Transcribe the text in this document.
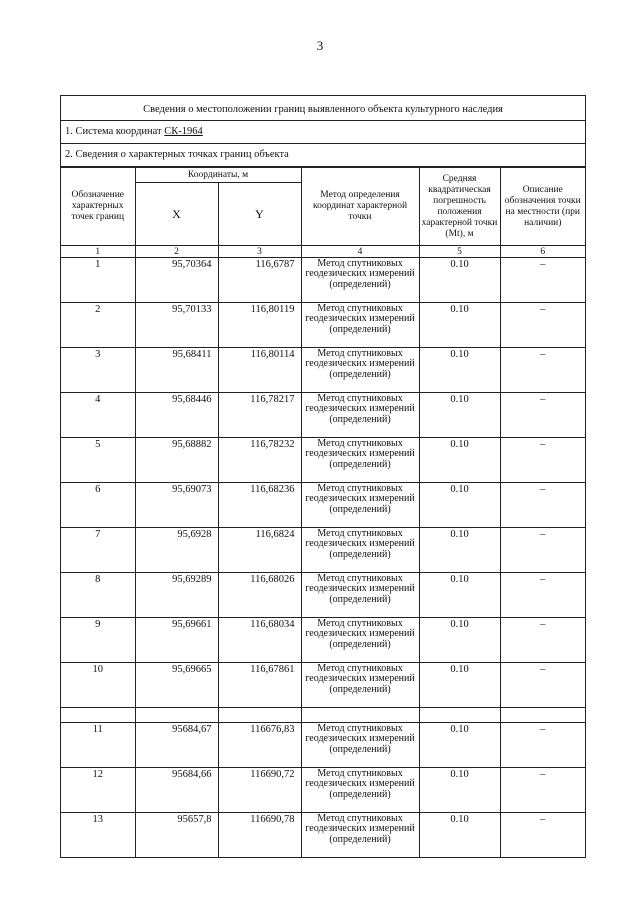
3
Сведения о местоположении границ выявленного объекта культурного наследия
1. Система координат СК-1964
2. Сведения о характерных точках границ объекта
Обозначение характерных точек границ	Координаты, м		Метод определения координат характерной точки	Средняя квадратическая погрешность положения характерной точки (Mt), м	Описание обозначения точки на местности (при наличии)
	X	Y			
1	2	3	4	5	6
1	95,70364	116,6787	Метод спутниковых геодезических измерений (определений)	0.10	–
2	95,70133	116,80119	Метод спутниковых геодезических измерений (определений)	0.10	–
3	95,68411	116,80114	Метод спутниковых геодезических измерений (определений)	0.10	–
4	95,68446	116,78217	Метод спутниковых геодезических измерений (определений)	0.10	–
5	95,68882	116,78232	Метод спутниковых геодезических измерений (определений)	0.10	–
6	95,69073	116,68236	Метод спутниковых геодезических измерений (определений)	0.10	–
7	95,6928	116,6824	Метод спутниковых геодезических измерений (определений)	0.10	–
8	95,69289	116,68026	Метод спутниковых геодезических измерений (определений)	0.10	–
9	95,69661	116,68034	Метод спутниковых геодезических измерений (определений)	0.10	–
10	95,69665	116,67861	Метод спутниковых геодезических измерений (определений)	0.10	–

11	95684,67	116676,83	Метод спутниковых геодезических измерений (определений)	0.10	–
12	95684,66	116690,72	Метод спутниковых геодезических измерений (определений)	0.10	–
13	95657,8	116690,78	Метод спутниковых геодезических измерений (определений)	0.10	–
